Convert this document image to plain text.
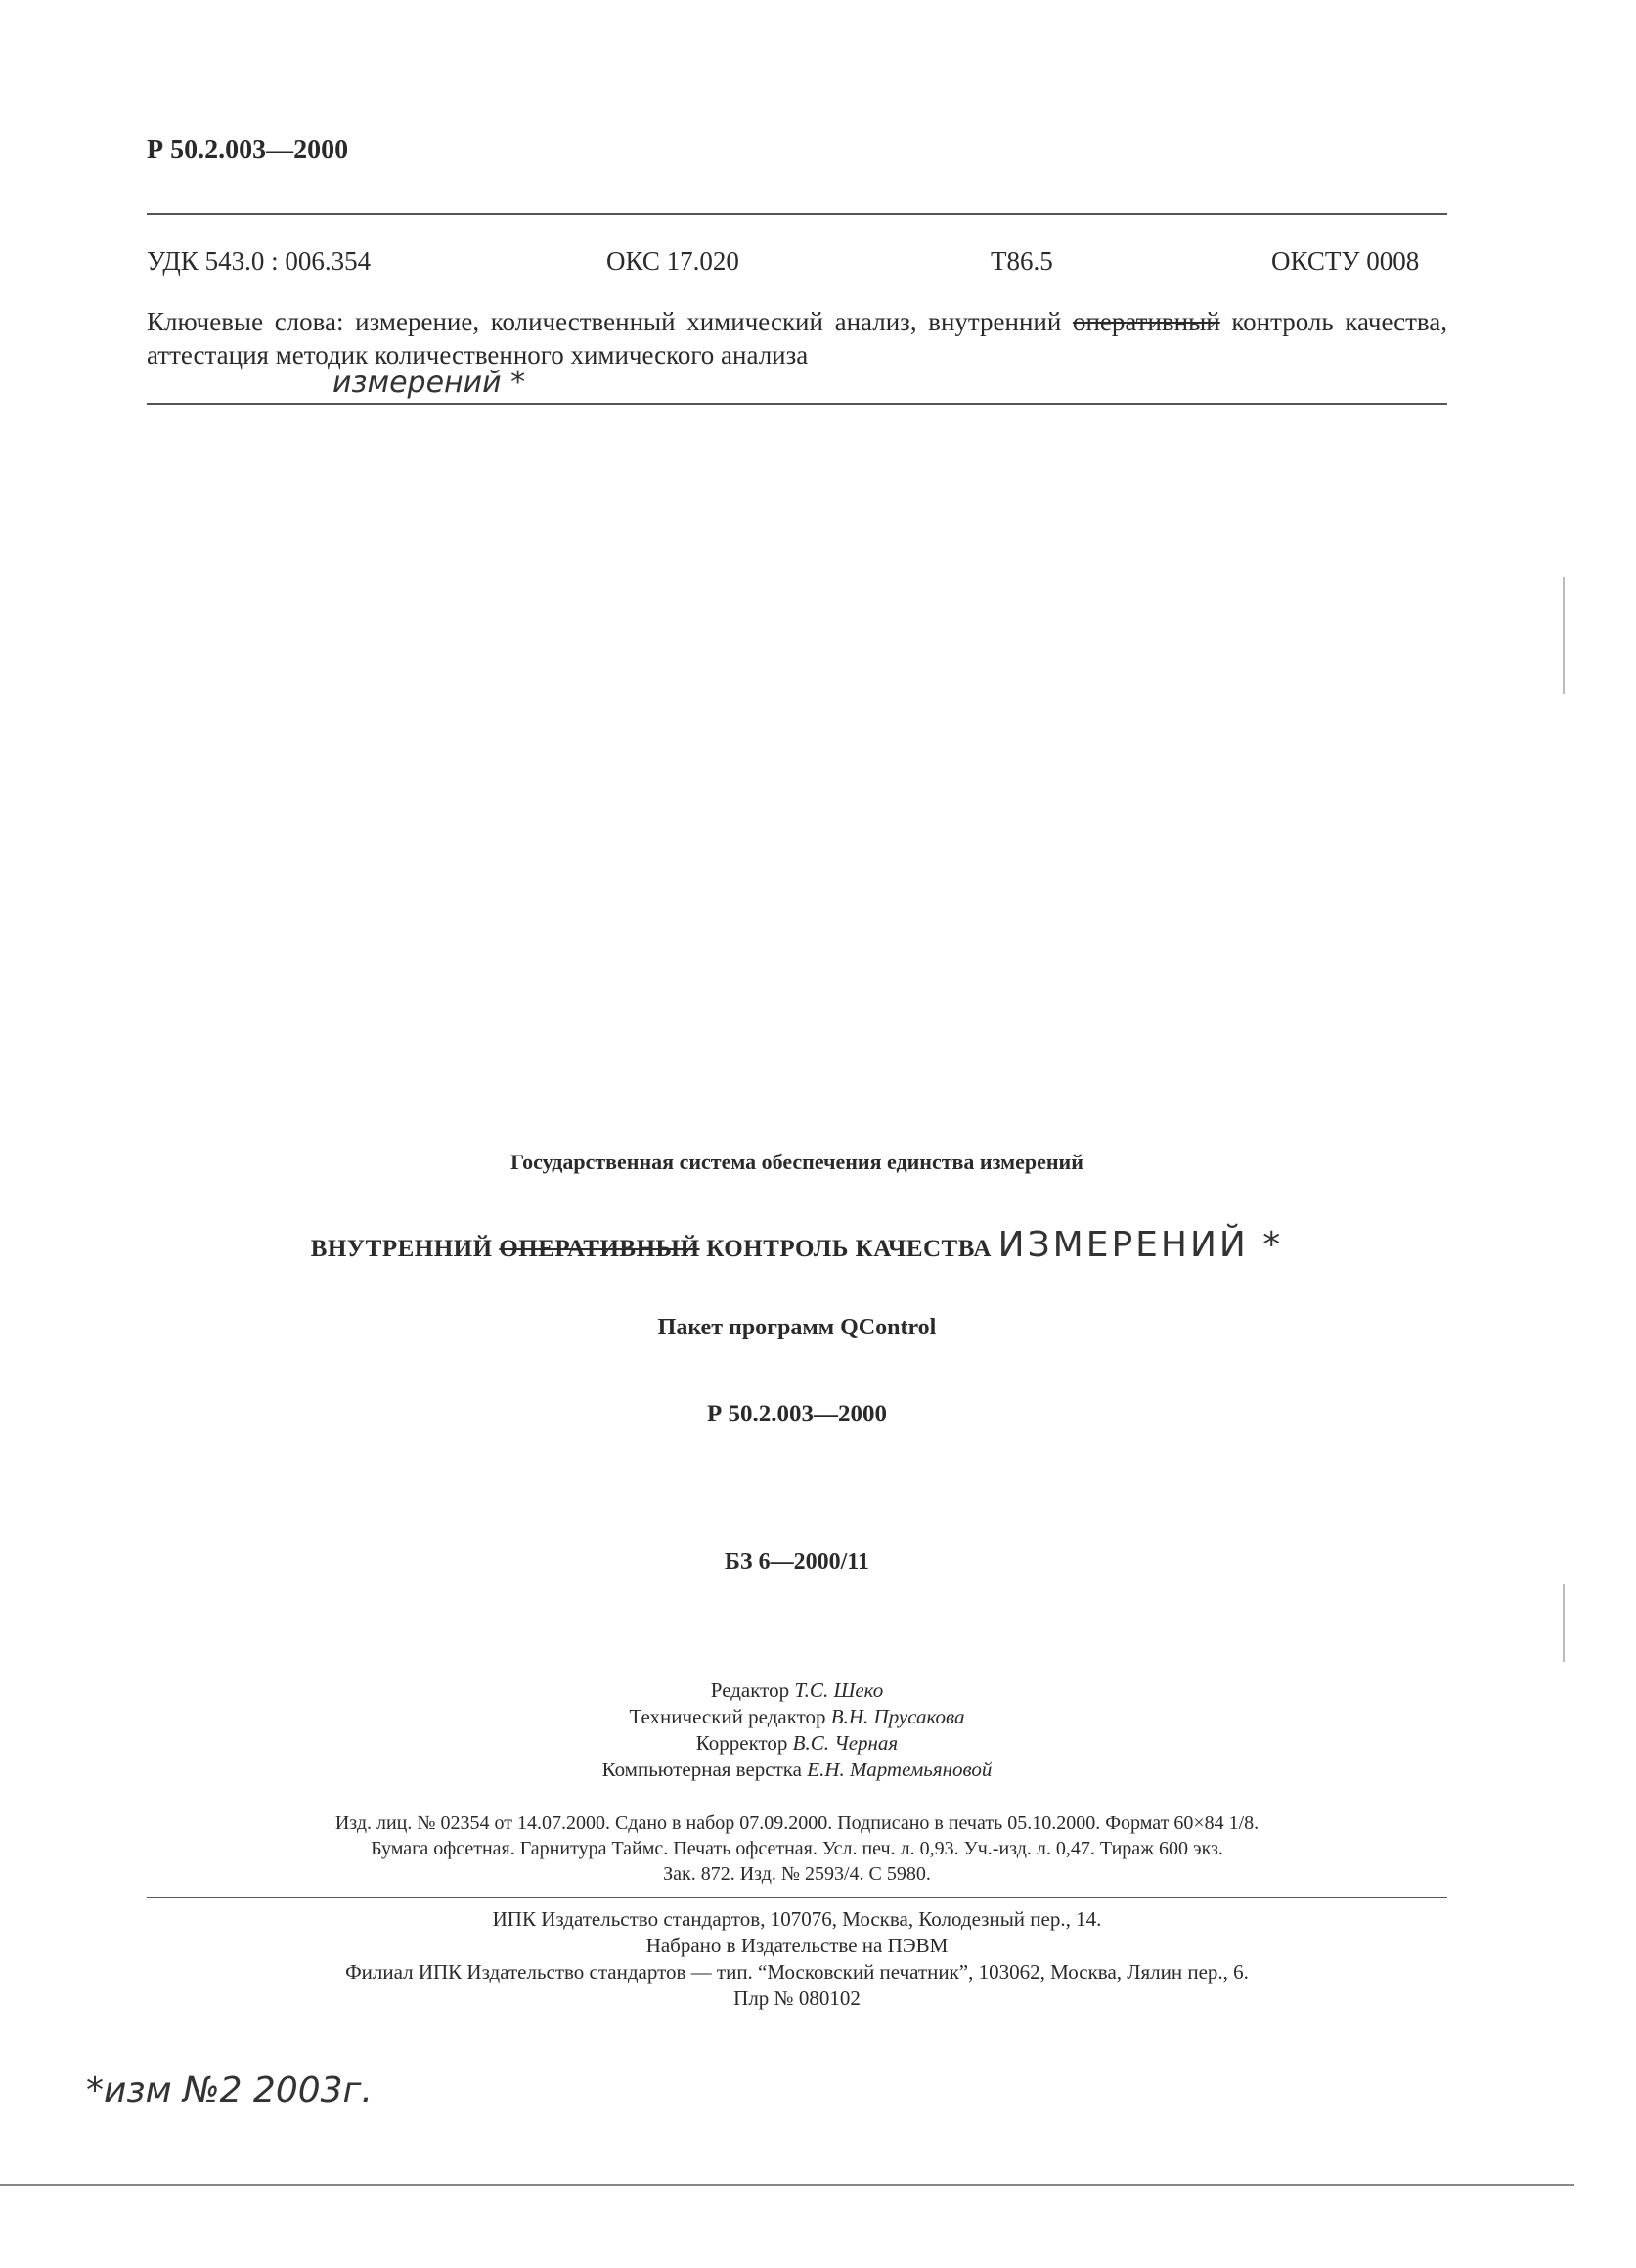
Р 50.2.003—2000
УДК 543.0 : 006.354	ОКС 17.020	Т86.5	ОКСТУ 0008
Ключевые слова: измерение, количественный химический анализ, внутренний оперативный контроль качества, аттестация методик количественного химического анализа
измерений *
Государственная система обеспечения единства измерений
ВНУТРЕННИЙ ОПЕРАТИВНЫЙ КОНТРОЛЬ КАЧЕСТВА ИЗМЕРЕНИЙ *
Пакет программ QControl
Р 50.2.003—2000
БЗ 6—2000/11
Редактор Т.С. Шеко
Технический редактор В.Н. Прусакова
Корректор В.С. Черная
Компьютерная верстка Е.Н. Мартемьяновой
Изд. лиц. № 02354 от 14.07.2000. Сдано в набор 07.09.2000. Подписано в печать 05.10.2000. Формат 60×84 1/8.
Бумага офсетная. Гарнитура Таймс. Печать офсетная. Усл. печ. л. 0,93. Уч.-изд. л. 0,47. Тираж 600 экз.
Зак. 872. Изд. № 2593/4. С 5980.
ИПК Издательство стандартов, 107076, Москва, Колодезный пер., 14.
Набрано в Издательстве на ПЭВМ
Филиал ИПК Издательство стандартов — тип. “Московский печатник”, 103062, Москва, Лялин пер., 6.
Плр № 080102
*изм №2 2003г.
